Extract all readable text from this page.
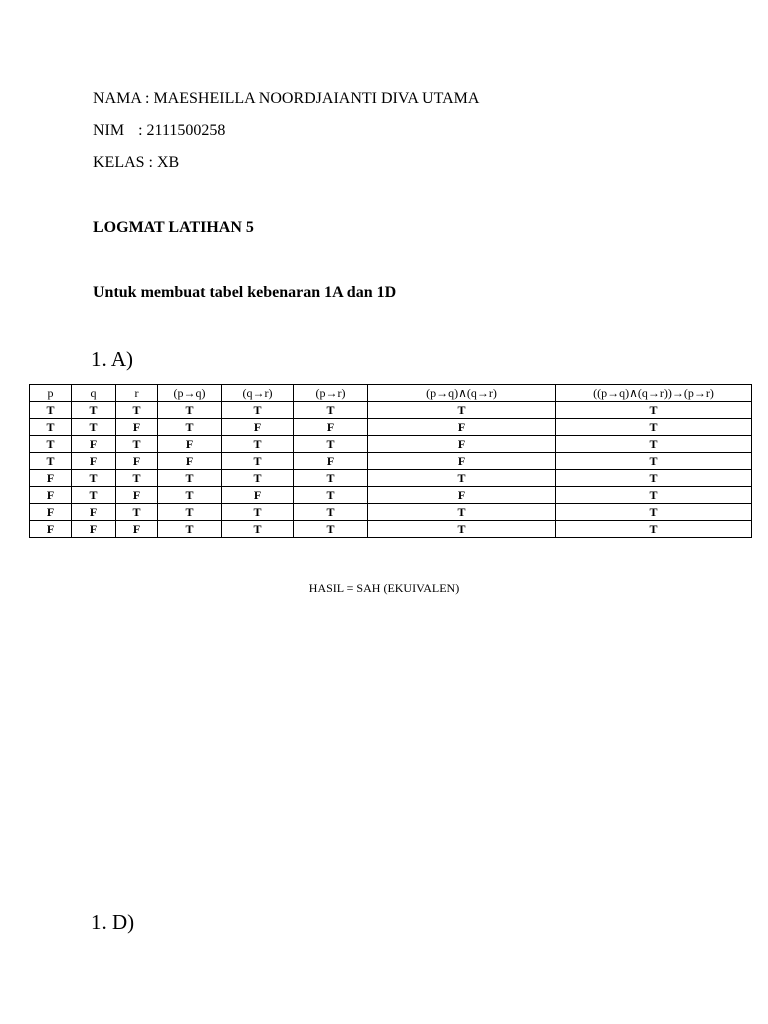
NAMA : MAESHEILLA NOORDJAIANTI DIVA UTAMA
NIM : 2111500258
KELAS : XB
LOGMAT LATIHAN 5
Untuk membuat tabel kebenaran 1A dan 1D
1. A)
p	q	r	(p→q)	(q→r)	(p→r)	(p→q)∧(q→r)	((p→q)∧(q→r))→(p→r)
T	T	T	T	T	T	T	T
T	T	F	T	F	F	F	T
T	F	T	F	T	T	F	T
T	F	F	F	T	F	F	T
F	T	T	T	T	T	T	T
F	T	F	T	F	T	F	T
F	F	T	T	T	T	T	T
F	F	F	T	T	T	T	T
HASIL = SAH (EKUIVALEN)
1. D)
